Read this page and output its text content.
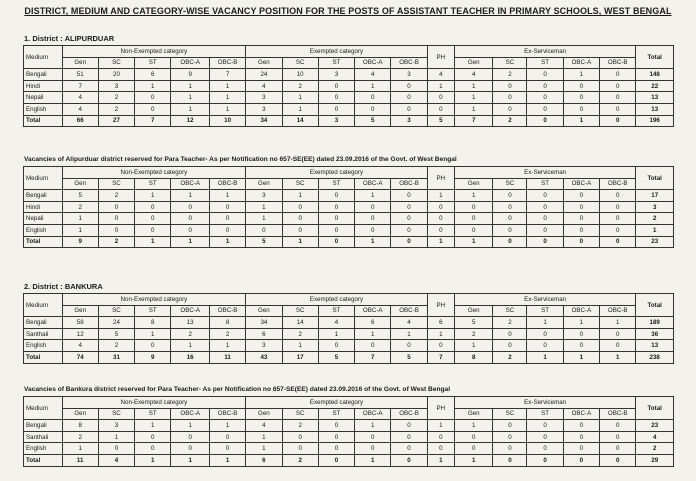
DISTRICT, MEDIUM AND CATEGORY-WISE VACANCY POSITION FOR THE POSTS OF ASSISTANT TEACHER IN PRIMARY SCHOOLS, WEST BENGAL
1. District : ALIPURDUAR
Medium	Non-Exempted category					Exempted category					PH	Ex-Serviceman					Total
	Gen	SC	ST	OBC-A	OBC-B	Gen	SC	ST	OBC-A	OBC-B		Gen	SC	ST	OBC-A	OBC-B	
Bengali	51	20	6	9	7	24	10	3	4	3	4	4	2	0	1	0	148
Hindi	7	3	1	1	1	4	2	0	1	0	1	1	0	0	0	0	22
Nepali	4	2	0	1	1	3	1	0	0	0	0	1	0	0	0	0	13
English	4	2	0	1	1	3	1	0	0	0	0	1	0	0	0	0	13
Total	66	27	7	12	10	34	14	3	5	3	5	7	2	0	1	0	196
Vacancies of Alipurduar district reserved for Para Teacher- As per Notification no 657-SE(EE) dated 23.09.2016 of the Govt. of West Bengal
Medium	Non-Exempted category					Exempted category					PH	Ex-Serviceman					Total
	Gen	SC	ST	OBC-A	OBC-B	Gen	SC	ST	OBC-A	OBC-B		Gen	SC	ST	OBC-A	OBC-B	
Bengali	5	2	1	1	1	3	1	0	1	0	1	1	0	0	0	0	17
Hindi	2	0	0	0	0	1	0	0	0	0	0	0	0	0	0	0	3
Nepali	1	0	0	0	0	1	0	0	0	0	0	0	0	0	0	0	2
English	1	0	0	0	0	0	0	0	0	0	0	0	0	0	0	0	1
Total	9	2	1	1	1	5	1	0	1	0	1	1	0	0	0	0	23
2. District : BANKURA
Medium	Non-Exempted category					Exempted category					PH	Ex-Serviceman					Total
	Gen	SC	ST	OBC-A	OBC-B	Gen	SC	ST	OBC-A	OBC-B		Gen	SC	ST	OBC-A	OBC-B	
Bengali	58	24	8	13	8	34	14	4	6	4	6	5	2	1	1	1	189
Santhali	12	5	1	2	2	6	2	1	1	1	1	2	0	0	0	0	36
English	4	2	0	1	1	3	1	0	0	0	0	1	0	0	0	0	13
Total	74	31	9	16	11	43	17	5	7	5	7	8	2	1	1	1	238
Vacancies of Bankura district reserved for Para Teacher- As per Notification no 657-SE(EE) dated 23.09.2016 of the Govt. of West Bengal
Medium	Non-Exempted category					Exempted category					PH	Ex-Serviceman					Total
	Gen	SC	ST	OBC-A	OBC-B	Gen	SC	ST	OBC-A	OBC-B		Gen	SC	ST	OBC-A	OBC-B	
Bengali	8	3	1	1	1	4	2	0	1	0	1	1	0	0	0	0	23
Santhali	2	1	0	0	0	1	0	0	0	0	0	0	0	0	0	0	4
English	1	0	0	0	0	1	0	0	0	0	0	0	0	0	0	0	2
Total	11	4	1	1	1	6	2	0	1	0	1	1	0	0	0	0	29
